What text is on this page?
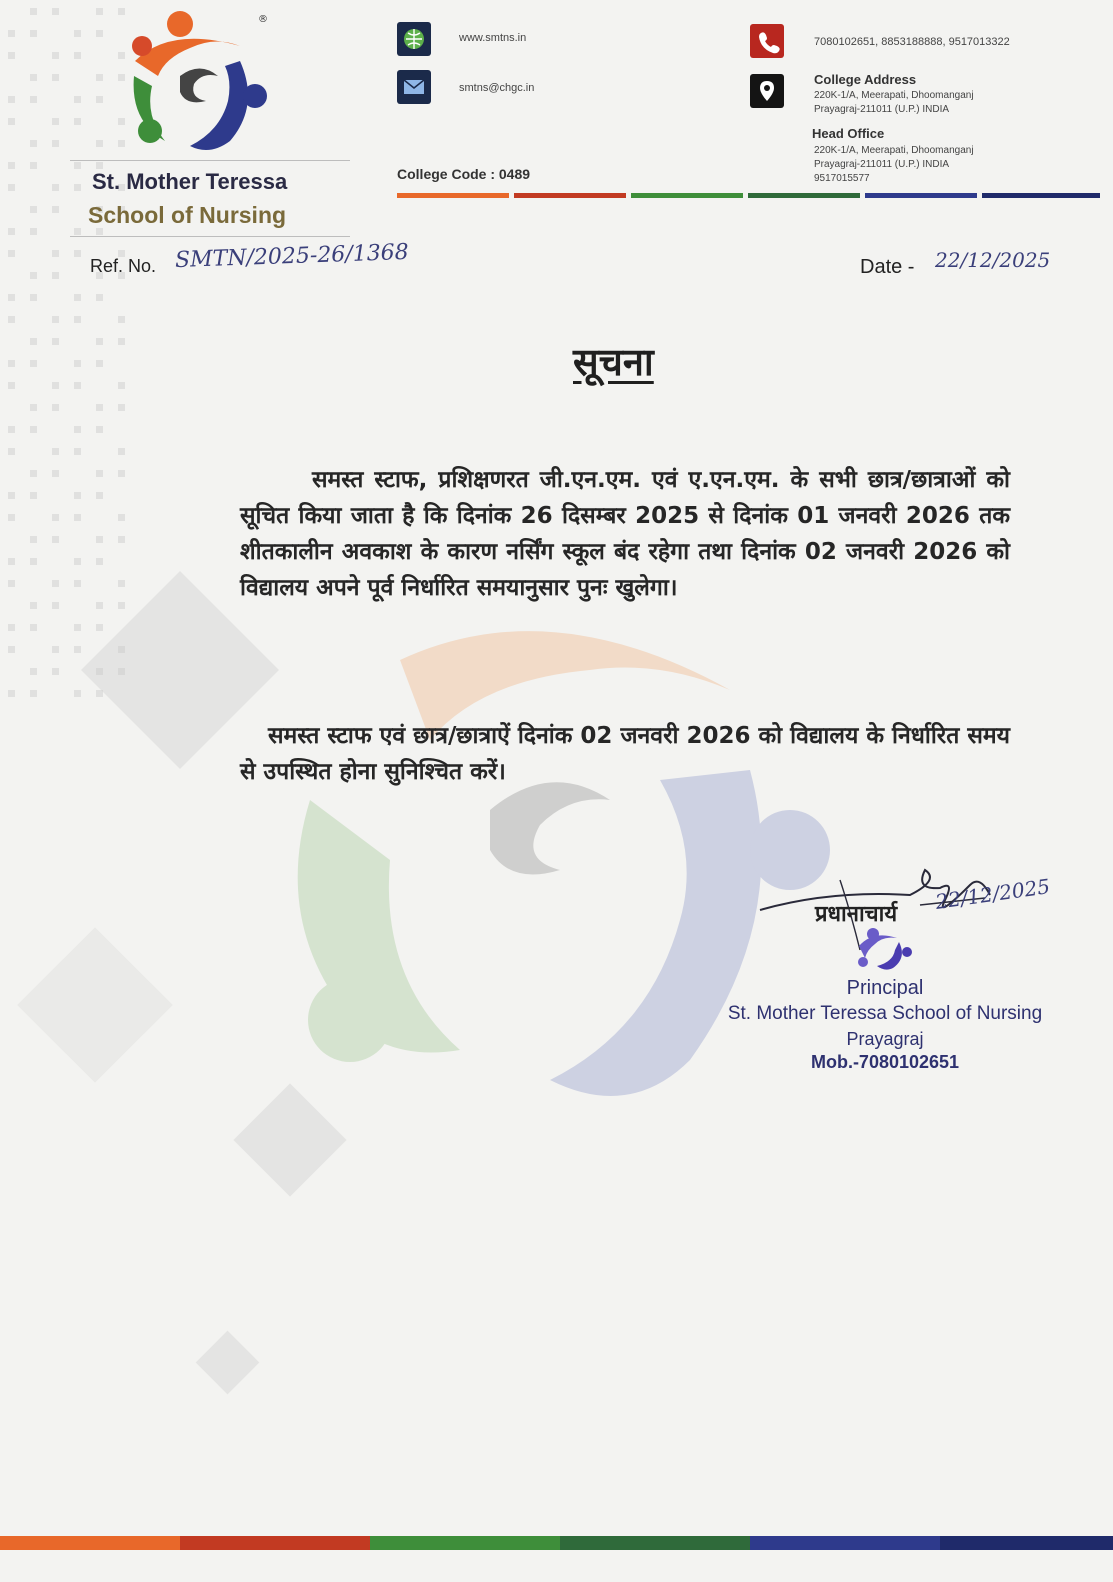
®
St. Mother Teressa
School of Nursing
www.smtns.in
smtns@chgc.in
College Code : 0489
7080102651, 8853188888, 9517013322
College Address
220K-1/A, Meerapati, Dhoomanganj
Prayagraj-211011 (U.P.) INDIA
Head Office
220K-1/A, Meerapati, Dhoomanganj
Prayagraj-211011 (U.P.) INDIA
9517015577
Ref. No. SMTN/2025-26/1368	Date - 22/12/2025
सूचना
समस्त स्टाफ, प्रशिक्षणरत जी.एन.एम. एवं ए.एन.एम. के सभी छात्र/छात्राओं को सूचित किया जाता है कि दिनांक 26 दिसम्बर 2025 से दिनांक 01 जनवरी 2026 तक शीतकालीन अवकाश के कारण नर्सिंग स्कूल बंद रहेगा तथा दिनांक 02 जनवरी 2026 को विद्यालय अपने पूर्व निर्धारित समयानुसार पुनः खुलेगा।
समस्त स्टाफ एवं छात्र/छात्राऐं दिनांक 02 जनवरी 2026 को विद्यालय के निर्धारित समय से उपस्थित होना सुनिश्चित करें।
प्रधानाचार्य
22/12/2025
Principal
St. Mother Teressa School of Nursing
Prayagraj
Mob.-7080102651
